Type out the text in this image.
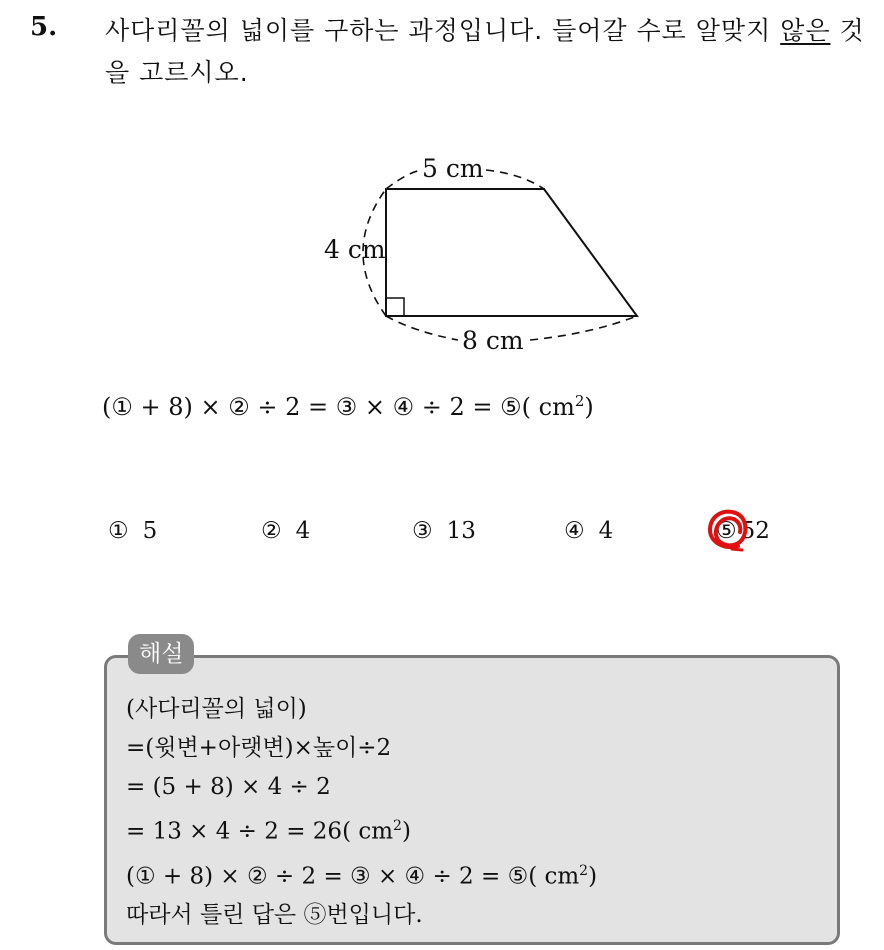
5. 사다리꼴의 넓이를 구하는 과정입니다. 들어갈 수로 알맞지 않은 것을 고르시오.
5 cm
4 cm
8 cm
(① + 8) × ② ÷ 2 = ③ × ④ ÷ 2 = ⑤( $cm^2$)
① 5	② 4	③ 13	④ 4	⑤ 52
해설
(사다리꼴의 넓이)
=(윗변+아랫변)×높이÷2
= (5 + 8) × 4 ÷ 2
= 13 × 4 ÷ 2 = 26( $cm^2$)
(① + 8) × ② ÷ 2 = ③ × ④ ÷ 2 = ⑤( $cm^2$)
따라서 틀린 답은 ⑤번입니다.
